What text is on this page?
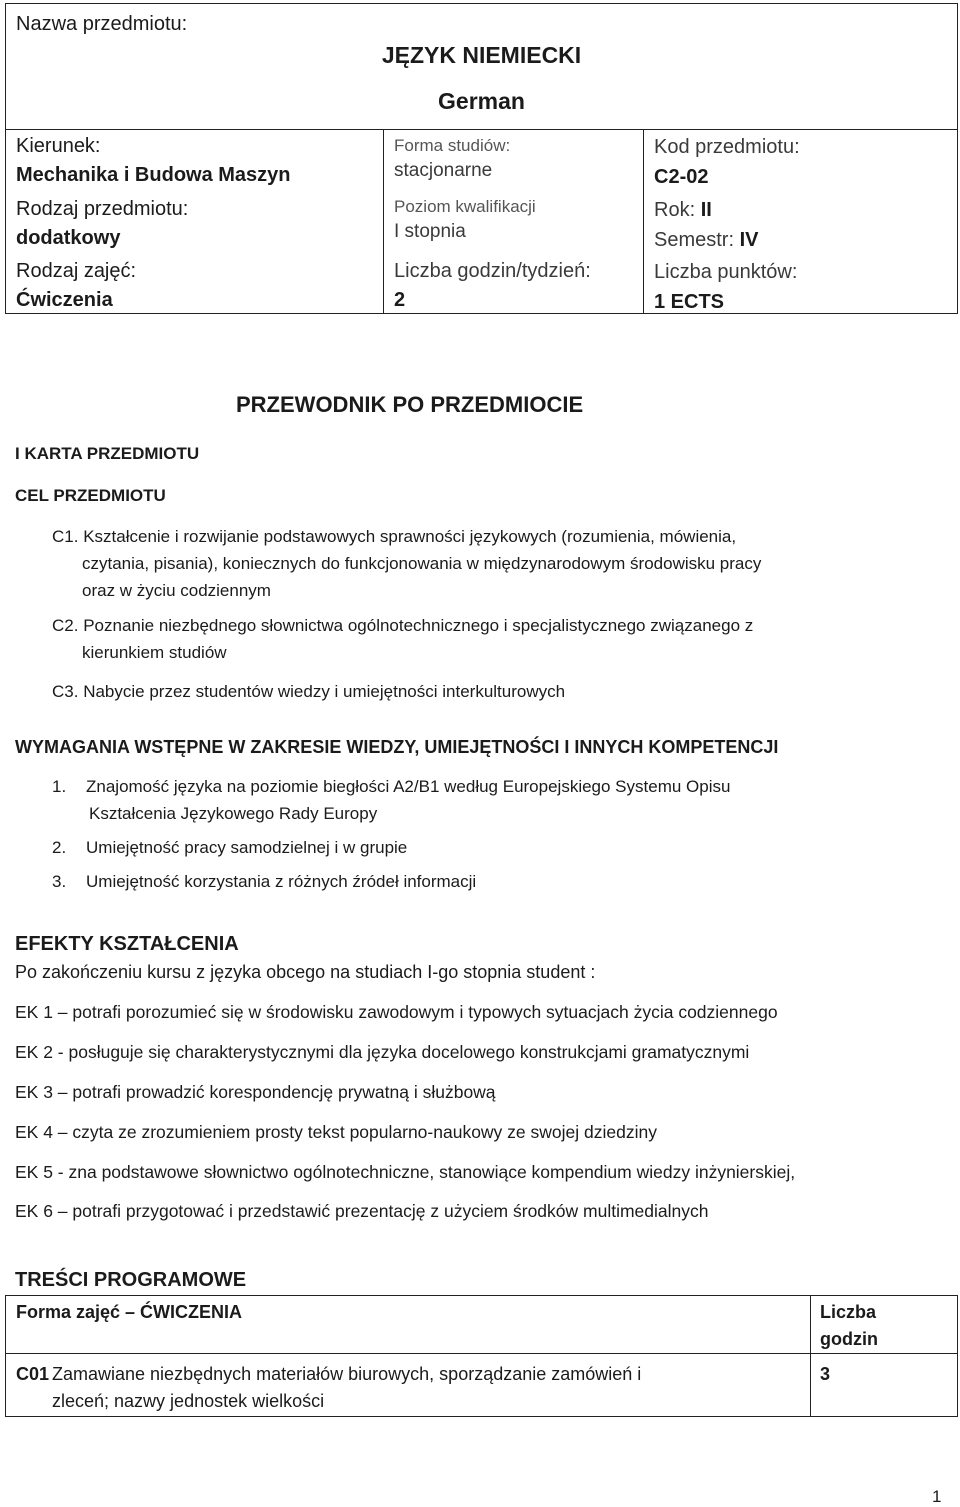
Nazwa przedmiotu:
JĘZYK NIEMIECKI
German
Kierunek:
Mechanika i Budowa Maszyn
Rodzaj przedmiotu:
dodatkowy
Rodzaj zajęć:
Ćwiczenia
Forma studiów:
stacjonarne
Poziom kwalifikacji
I stopnia
Liczba godzin/tydzień:
2
Kod przedmiotu:
C2-02
Rok: II
Semestr: IV
Liczba punktów:
1 ECTS
PRZEWODNIK PO PRZEDMIOCIE
I KARTA PRZEDMIOTU
CEL PRZEDMIOTU
C1. Kształcenie i rozwijanie podstawowych sprawności językowych (rozumienia, mówienia,
czytania, pisania), koniecznych do funkcjonowania w międzynarodowym środowisku pracy
oraz w życiu codziennym
C2. Poznanie niezbędnego słownictwa ogólnotechnicznego i specjalistycznego związanego z
kierunkiem studiów
C3. Nabycie przez studentów wiedzy i umiejętności interkulturowych
WYMAGANIA WSTĘPNE W ZAKRESIE WIEDZY, UMIEJĘTNOŚCI I INNYCH KOMPETENCJI
1. Znajomość języka na poziomie biegłości A2/B1 według Europejskiego Systemu Opisu
Kształcenia Językowego Rady Europy
2. Umiejętność pracy samodzielnej i w grupie
3. Umiejętność korzystania z różnych źródeł informacji
EFEKTY KSZTAŁCENIA
Po zakończeniu kursu z języka obcego na studiach I-go stopnia student :
EK 1 – potrafi porozumieć się w środowisku zawodowym i typowych sytuacjach życia codziennego
EK 2 - posługuje się charakterystycznymi dla języka docelowego konstrukcjami gramatycznymi
EK 3 – potrafi prowadzić korespondencję prywatną i służbową
EK 4 – czyta ze zrozumieniem prosty tekst popularno-naukowy ze swojej dziedziny
EK 5 - zna podstawowe słownictwo ogólnotechniczne, stanowiące kompendium wiedzy inżynierskiej,
EK 6 – potrafi przygotować i przedstawić prezentację z użyciem środków multimedialnych
TREŚCI PROGRAMOWE
Forma zajęć – ĆWICZENIA	Liczba
godzin
C01 Zamawiane niezbędnych materiałów biurowych, sporządzanie zamówień i
zleceń; nazwy jednostek wielkości
3
1
